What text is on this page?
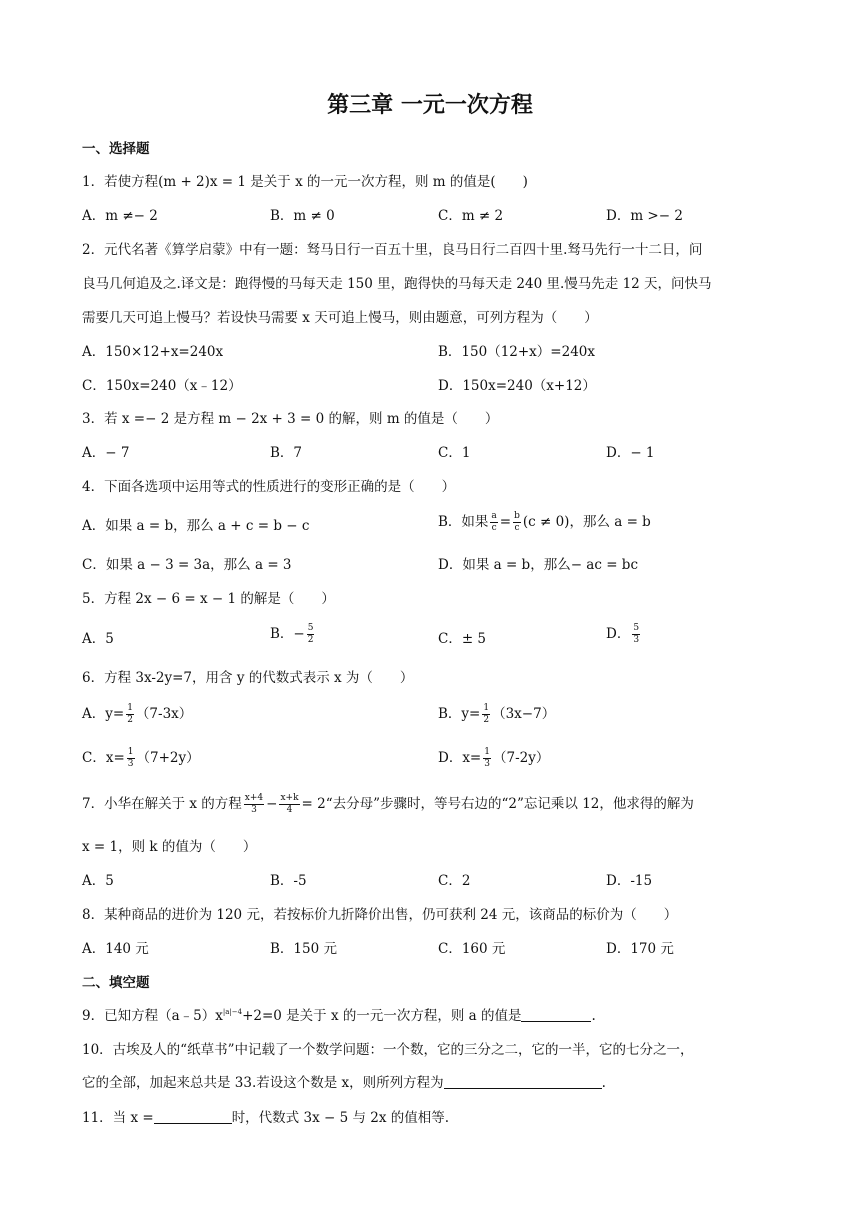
第三章 一元一次方程
一、选择题
1．若使方程(m + 2)x = 1 是关于 x 的一元一次方程，则 m 的值是(　　)
A．m ≠− 2	B．m ≠ 0	C．m ≠ 2	D．m >− 2
2．元代名著《算学启蒙》中有一题：驽马日行一百五十里，良马日行二百四十里.驽马先行一十二日，问
良马几何追及之.译文是：跑得慢的马每天走 150 里，跑得快的马每天走 240 里.慢马先走 12 天，问快马
需要几天可追上慢马？若设快马需要 x 天可追上慢马，则由题意，可列方程为（　　）
A．150×12+x=240x	B．150（12+x）=240x
C．150x=240（x﹣12）	D．150x=240（x+12）
3．若 x =− 2 是方程 m − 2x + 3 = 0 的解，则 m 的值是（　　）
A．− 7	B．7	C．1	D．− 1
4．下面各选项中运用等式的性质进行的变形正确的是（　　）
A．如果 a = b，那么 a + c = b − c	B．如果 $\frac{a}{c} = \frac{b}{c} (c \ne 0)$，那么 a = b
C．如果 a − 3 = 3a，那么 a = 3	D．如果 a = b，那么− ac = bc
5．方程 2x − 6 = x − 1 的解是（　　）
A．5	B．− $\frac{5}{2}$	C．± 5	D． $\frac{5}{3}$
6．方程 3x-2y=7，用含 y 的代数式表示 x 为（　　）
A．$y= \frac{1}{2} (7-3x)$	B．$y= \frac{1}{2} (3x-7)$
C．$x= \frac{1}{3} (7+2y)$	D．$x= \frac{1}{3} (7-2y)$
7．小华在解关于 x 的方程 $\frac{x+4}{3} - \frac{x+k}{4}$ = 2“去分母”步骤时，等号右边的“2”忘记乘以 12，他求得的解为
x = 1，则 k 的值为（　　）
A．5	B．-5	C．2	D．-15
8．某种商品的进价为 120 元，若按标价九折降价出售，仍可获利 24 元，该商品的标价为（　　）
A．140 元	B．150 元	C．160 元	D．170 元
二、填空题
9．已知方程$(a﹣5)x^{|a|-4}+2=0$ 是关于 x 的一元一次方程，则 a 的值是	.
10．古埃及人的“纸草书”中记载了一个数学问题：一个数，它的三分之二，它的一半，它的七分之一，
它的全部，加起来总共是 33.若设这个数是 x，则所列方程为	.
11．当 x =	时，代数式 3x − 5 与 2x 的值相等.
